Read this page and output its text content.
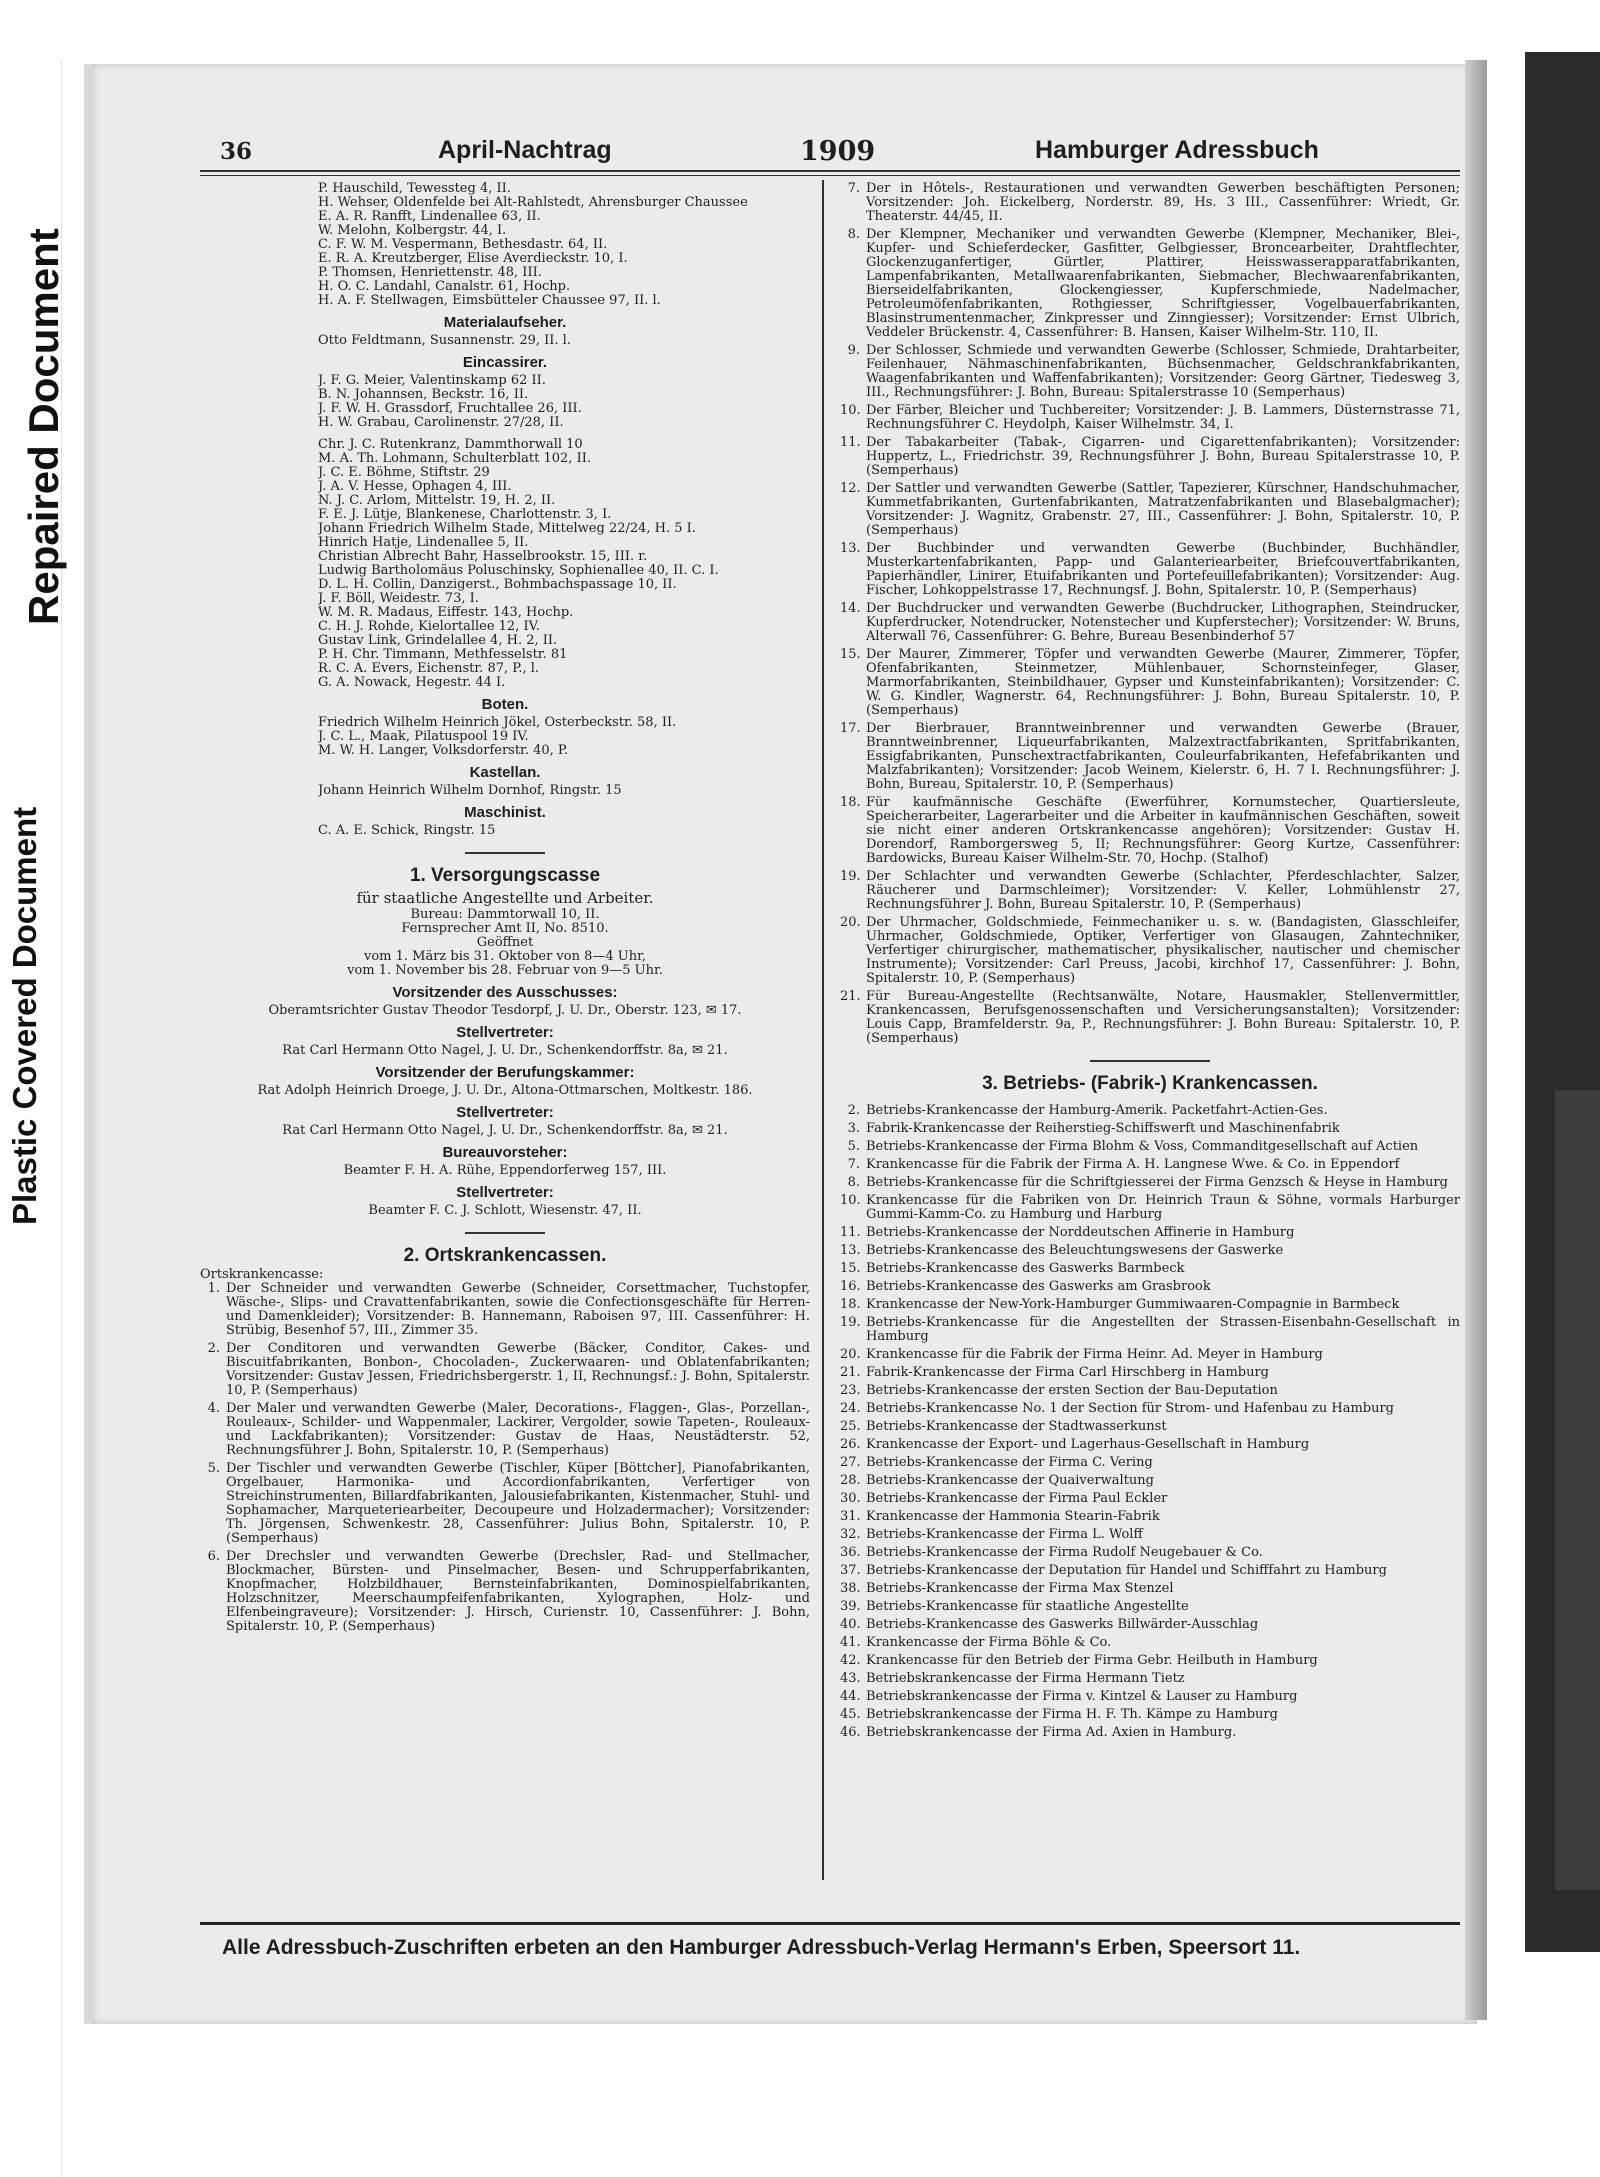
Repaired Document
Plastic Covered Document
36	April-Nachtrag	1909	Hamburger Adressbuch
P. Hauschild, Tewessteg 4, II.
H. Wehser, Oldenfelde bei Alt-Rahlstedt, Ahrensburger Chaussee
E. A. R. Ranfft, Lindenallee 63, II.
W. Melohn, Kolbergstr. 44, I.
C. F. W. M. Vespermann, Bethesdastr. 64, II.
E. R. A. Kreutzberger, Elise Averdieckstr. 10, I.
P. Thomsen, Henriettenstr. 48, III.
H. O. C. Landahl, Canalstr. 61, Hochp.
H. A. F. Stellwagen, Eimsbütteler Chaussee 97, II. l.
Materialaufseher.
Otto Feldtmann, Susannenstr. 29, II. l.
Eincassirer.
J. F. G. Meier, Valentinskamp 62 II.
B. N. Johannsen, Beckstr. 16, II.
J. F. W. H. Grassdorf, Fruchtallee 26, III.
H. W. Grabau, Carolinenstr. 27/28, II.
Chr. J. C. Rutenkranz, Dammthorwall 10
M. A. Th. Lohmann, Schulterblatt 102, II.
J. C. E. Böhme, Stiftstr. 29
J. A. V. Hesse, Ophagen 4, III.
N. J. C. Arlom, Mittelstr. 19, H. 2, II.
F. E. J. Lütje, Blankenese, Charlottenstr. 3, I.
Johann Friedrich Wilhelm Stade, Mittelweg 22/24, H. 5 I.
Hinrich Hatje, Lindenallee 5, II.
Christian Albrecht Bahr, Hasselbrookstr. 15, III. r.
Ludwig Bartholomäus Poluschinsky, Sophienallee 40, II. C. I.
D. L. H. Collin, Danzigerst., Bohmbachspassage 10, II.
J. F. Böll, Weidestr. 73, I.
W. M. R. Madaus, Eiffestr. 143, Hochp.
C. H. J. Rohde, Kielortallee 12, IV.
Gustav Link, Grindelallee 4, H. 2, II.
P. H. Chr. Timmann, Methfesselstr. 81
R. C. A. Evers, Eichenstr. 87, P., l.
G. A. Nowack, Hegestr. 44 I.
Boten.
Friedrich Wilhelm Heinrich Jökel, Osterbeckstr. 58, II.
J. C. L., Maak, Pilatuspool 19 IV.
M. W. H. Langer, Volksdorferstr. 40, P.
Kastellan.
Johann Heinrich Wilhelm Dornhof, Ringstr. 15
Maschinist.
C. A. E. Schick, Ringstr. 15
1. Versorgungscasse
für staatliche Angestellte und Arbeiter.
Bureau: Dammtorwall 10, II.
Fernsprecher Amt II, No. 8510.
Geöffnet
vom 1. März bis 31. Oktober von 8—4 Uhr,
vom 1. November bis 28. Februar von 9—5 Uhr.
Vorsitzender des Ausschusses:
Oberamtsrichter Gustav Theodor Tesdorpf, J. U. Dr., Oberstr. 123, ✉ 17.
Stellvertreter:
Rat Carl Hermann Otto Nagel, J. U. Dr., Schenkendorffstr. 8a, ✉ 21.
Vorsitzender der Berufungskammer:
Rat Adolph Heinrich Droege, J. U. Dr., Altona-Ottmarschen, Moltkestr. 186.
Stellvertreter:
Rat Carl Hermann Otto Nagel, J. U. Dr., Schenkendorffstr. 8a, ✉ 21.
Bureauvorsteher:
Beamter F. H. A. Rühe, Eppendorferweg 157, III.
Stellvertreter:
Beamter F. C. J. Schlott, Wiesenstr. 47, II.
2. Ortskrankencassen.
Ortskrankencasse:
1. Der Schneider und verwandten Gewerbe (Schneider, Corsettmacher, Tuchstopfer, Wäsche-, Slips- und Cravattenfabrikanten, sowie die Confectionsgeschäfte für Herren- und Damenkleider); Vorsitzender: B. Hannemann, Raboisen 97, III. Cassenführer: H. Strübig, Besenhof 57, III., Zimmer 35.
2. Der Conditoren und verwandten Gewerbe (Bäcker, Conditor, Cakes- und Biscuitfabrikanten, Bonbon-, Chocoladen-, Zuckerwaaren- und Oblatenfabrikanten; Vorsitzender: Gustav Jessen, Friedrichsbergerstr. 1, II, Rechnungsf.: J. Bohn, Spitalerstr. 10, P. (Semperhaus)
4. Der Maler und verwandten Gewerbe (Maler, Decorations-, Flaggen-, Glas-, Porzellan-, Rouleaux-, Schilder- und Wappenmaler, Lackirer, Vergolder, sowie Tapeten-, Rouleaux- und Lackfabrikanten); Vorsitzender: Gustav de Haas, Neustädterstr. 52, Rechnungsführer J. Bohn, Spitalerstr. 10, P. (Semperhaus)
5. Der Tischler und verwandten Gewerbe (Tischler, Küper [Böttcher], Pianofabrikanten, Orgelbauer, Harmonika- und Accordionfabrikanten, Verfertiger von Streichinstrumenten, Billardfabrikanten, Jalousiefabrikanten, Kistenmacher, Stuhl- und Sophamacher, Marqueteriearbeiter, Decoupeure und Holzadermacher); Vorsitzender: Th. Jörgensen, Schwenkestr. 28, Cassenführer: Julius Bohn, Spitalerstr. 10, P. (Semperhaus)
6. Der Drechsler und verwandten Gewerbe (Drechsler, Rad- und Stellmacher, Blockmacher, Bürsten- und Pinselmacher, Besen- und Schrupperfabrikanten, Knopfmacher, Holzbildhauer, Bernsteinfabrikanten, Dominospielfabrikanten, Holzschnitzer, Meerschaumpfeifenfabrikanten, Xylographen, Holz- und Elfenbeingraveure); Vorsitzender: J. Hirsch, Curienstr. 10, Cassenführer: J. Bohn, Spitalerstr. 10, P. (Semperhaus)
7. Der in Hôtels-, Restaurationen und verwandten Gewerben beschäftigten Personen; Vorsitzender: Joh. Eickelberg, Norderstr. 89, Hs. 3 III., Cassenführer: Wriedt, Gr. Theaterstr. 44/45, II.
8. Der Klempner, Mechaniker und verwandten Gewerbe (Klempner, Mechaniker, Blei-, Kupfer- und Schieferdecker, Gasfitter, Gelbgiesser, Broncearbeiter, Drahtflechter, Glockenzuganfertiger, Gürtler, Plattirer, Heisswasserapparatfabrikanten, Lampenfabrikanten, Metallwaarenfabrikanten, Siebmacher, Blechwaarenfabrikanten, Bierseidelfabrikanten, Glockengiesser, Kupferschmiede, Nadelmacher, Petroleumöfenfabrikanten, Rothgiesser, Schriftgiesser, Vogelbauerfabrikanten, Blasinstrumentenmacher, Zinkpresser und Zinngiesser); Vorsitzender: Ernst Ulbrich, Veddeler Brückenstr. 4, Cassenführer: B. Hansen, Kaiser Wilhelm-Str. 110, II.
9. Der Schlosser, Schmiede und verwandten Gewerbe (Schlosser, Schmiede, Drahtarbeiter, Feilenhauer, Nähmaschinenfabrikanten, Büchsenmacher, Geldschrankfabrikanten, Waagenfabrikanten und Waffenfabrikanten); Vorsitzender: Georg Gärtner, Tiedesweg 3, III., Rechnungsführer: J. Bohn, Bureau: Spitalerstrasse 10 (Semperhaus)
10. Der Färber, Bleicher und Tuchbereiter; Vorsitzender: J. B. Lammers, Düsternstrasse 71, Rechnungsführer C. Heydolph, Kaiser Wilhelmstr. 34, I.
11. Der Tabakarbeiter (Tabak-, Cigarren- und Cigarettenfabrikanten); Vorsitzender: Huppertz, L., Friedrichstr. 39, Rechnungsführer J. Bohn, Bureau Spitalerstrasse 10, P. (Semperhaus)
12. Der Sattler und verwandten Gewerbe (Sattler, Tapezierer, Kürschner, Handschuhmacher, Kummetfabrikanten, Gurtenfabrikanten, Matratzenfabrikanten und Blasebalgmacher); Vorsitzender: J. Wagnitz, Grabenstr. 27, III., Cassenführer: J. Bohn, Spitalerstr. 10, P. (Semperhaus)
13. Der Buchbinder und verwandten Gewerbe (Buchbinder, Buchhändler, Musterkartenfabrikanten, Papp- und Galanteriearbeiter, Briefcouvertfabrikanten, Papierhändler, Linirer, Etuifabrikanten und Portefeuillefabrikanten); Vorsitzender: Aug. Fischer, Lohkoppelstrasse 17, Rechnungsf. J. Bohn, Spitalerstr. 10, P. (Semperhaus)
14. Der Buchdrucker und verwandten Gewerbe (Buchdrucker, Lithographen, Steindrucker, Kupferdrucker, Notendrucker, Notenstecher und Kupferstecher); Vorsitzender: W. Bruns, Alterwall 76, Cassenführer: G. Behre, Bureau Besenbinderhof 57
15. Der Maurer, Zimmerer, Töpfer und verwandten Gewerbe (Maurer, Zimmerer, Töpfer, Ofenfabrikanten, Steinmetzer, Mühlenbauer, Schornsteinfeger, Glaser, Marmorfabrikanten, Steinbildhauer, Gypser und Kunsteinfabrikanten); Vorsitzender: C. W. G. Kindler, Wagnerstr. 64, Rechnungsführer: J. Bohn, Bureau Spitalerstr. 10, P. (Semperhaus)
17. Der Bierbrauer, Branntweinbrenner und verwandten Gewerbe (Brauer, Branntweinbrenner, Liqueurfabrikanten, Malzextractfabrikanten, Spritfabrikanten, Essigfabrikanten, Punschextractfabrikanten, Couleurfabrikanten, Hefefabrikanten und Malzfabrikanten); Vorsitzender: Jacob Weinem, Kielerstr. 6, H. 7 I. Rechnungsführer: J. Bohn, Bureau, Spitalerstr. 10, P. (Semperhaus)
18. Für kaufmännische Geschäfte (Ewerführer, Kornumstecher, Quartiersleute, Speicherarbeiter, Lagerarbeiter und die Arbeiter in kaufmännischen Geschäften, soweit sie nicht einer anderen Ortskrankencasse angehören); Vorsitzender: Gustav H. Dorendorf, Ramborgersweg 5, II; Rechnungsführer: Georg Kurtze, Cassenführer: Bardowicks, Bureau Kaiser Wilhelm-Str. 70, Hochp. (Stalhof)
19. Der Schlachter und verwandten Gewerbe (Schlachter, Pferdeschlachter, Salzer, Räucherer und Darmschleimer); Vorsitzender: V. Keller, Lohmühlenstr 27, Rechnungsführer J. Bohn, Bureau Spitalerstr. 10, P. (Semperhaus)
20. Der Uhrmacher, Goldschmiede, Feinmechaniker u. s. w. (Bandagisten, Glasschleifer, Uhrmacher, Goldschmiede, Optiker, Verfertiger von Glasaugen, Zahntechniker, Verfertiger chirurgischer, mathematischer, physikalischer, nautischer und chemischer Instrumente); Vorsitzender: Carl Preuss, Jacobi, kirchhof 17, Cassenführer: J. Bohn, Spitalerstr. 10, P. (Semperhaus)
21. Für Bureau-Angestellte (Rechtsanwälte, Notare, Hausmakler, Stellenvermittler, Krankencassen, Berufsgenossenschaften und Versicherungsanstalten); Vorsitzender: Louis Capp, Bramfelderstr. 9a, P., Rechnungsführer: J. Bohn Bureau: Spitalerstr. 10, P. (Semperhaus)
3. Betriebs- (Fabrik-) Krankencassen.
2. Betriebs-Krankencasse der Hamburg-Amerik. Packetfahrt-Actien-Ges.
3. Fabrik-Krankencasse der Reiherstieg-Schiffswerft und Maschinenfabrik
5. Betriebs-Krankencasse der Firma Blohm & Voss, Commanditgesellschaft auf Actien
7. Krankencasse für die Fabrik der Firma A. H. Langnese Wwe. & Co. in Eppendorf
8. Betriebs-Krankencasse für die Schriftgiesserei der Firma Genzsch & Heyse in Hamburg
10. Krankencasse für die Fabriken von Dr. Heinrich Traun & Söhne, vormals Harburger Gummi-Kamm-Co. zu Hamburg und Harburg
11. Betriebs-Krankencasse der Norddeutschen Affinerie in Hamburg
13. Betriebs-Krankencasse des Beleuchtungswesens der Gaswerke
15. Betriebs-Krankencasse des Gaswerks Barmbeck
16. Betriebs-Krankencasse des Gaswerks am Grasbrook
18. Krankencasse der New-York-Hamburger Gummiwaaren-Compagnie in Barmbeck
19. Betriebs-Krankencasse für die Angestellten der Strassen-Eisenbahn-Gesellschaft in Hamburg
20. Krankencasse für die Fabrik der Firma Heinr. Ad. Meyer in Hamburg
21. Fabrik-Krankencasse der Firma Carl Hirschberg in Hamburg
23. Betriebs-Krankencasse der ersten Section der Bau-Deputation
24. Betriebs-Krankencasse No. 1 der Section für Strom- und Hafenbau zu Hamburg
25. Betriebs-Krankencasse der Stadtwasserkunst
26. Krankencasse der Export- und Lagerhaus-Gesellschaft in Hamburg
27. Betriebs-Krankencasse der Firma C. Vering
28. Betriebs-Krankencasse der Quaiverwaltung
30. Betriebs-Krankencasse der Firma Paul Eckler
31. Krankencasse der Hammonia Stearin-Fabrik
32. Betriebs-Krankencasse der Firma L. Wolff
36. Betriebs-Krankencasse der Firma Rudolf Neugebauer & Co.
37. Betriebs-Krankencasse der Deputation für Handel und Schifffahrt zu Hamburg
38. Betriebs-Krankencasse der Firma Max Stenzel
39. Betriebs-Krankencasse für staatliche Angestellte
40. Betriebs-Krankencasse des Gaswerks Billwärder-Ausschlag
41. Krankencasse der Firma Böhle & Co.
42. Krankencasse für den Betrieb der Firma Gebr. Heilbuth in Hamburg
43. Betriebskrankencasse der Firma Hermann Tietz
44. Betriebskrankencasse der Firma v. Kintzel & Lauser zu Hamburg
45. Betriebskrankencasse der Firma H. F. Th. Kämpe zu Hamburg
46. Betriebskrankencasse der Firma Ad. Axien in Hamburg.
Alle Adressbuch-Zuschriften erbeten an den Hamburger Adressbuch-Verlag Hermann's Erben, Speersort 11.
